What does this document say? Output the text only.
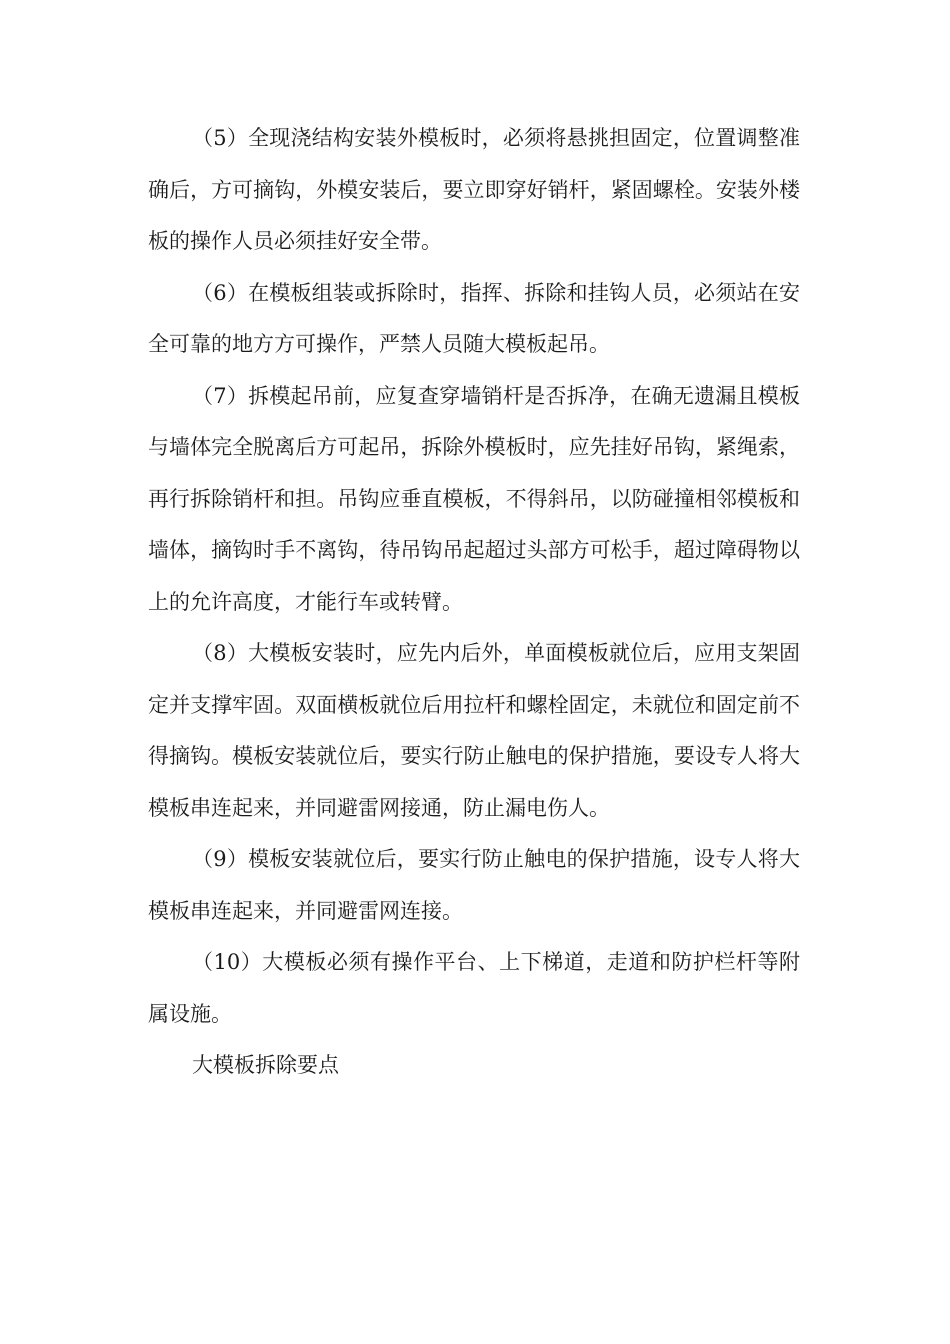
（5）全现浇结构安装外模板时，必须将悬挑担固定，位置调整准确后，方可摘钩，外模安装后，要立即穿好销杆，紧固螺栓。安装外楼板的操作人员必须挂好安全带。

（6）在模板组装或拆除时，指挥、拆除和挂钩人员，必须站在安全可靠的地方方可操作，严禁人员随大模板起吊。

（7）拆模起吊前，应复查穿墙销杆是否拆净，在确无遗漏且模板与墙体完全脱离后方可起吊，拆除外模板时，应先挂好吊钩，紧绳索，再行拆除销杆和担。吊钩应垂直模板，不得斜吊，以防碰撞相邻模板和墙体，摘钩时手不离钩，待吊钩吊起超过头部方可松手，超过障碍物以上的允许高度，才能行车或转臂。

（8）大模板安装时，应先内后外，单面模板就位后，应用支架固定并支撑牢固。双面横板就位后用拉杆和螺栓固定，未就位和固定前不得摘钩。模板安装就位后，要实行防止触电的保护措施，要设专人将大模板串连起来，并同避雷网接通，防止漏电伤人。

（9）模板安装就位后，要实行防止触电的保护措施，设专人将大模板串连起来，并同避雷网连接。

（10）大模板必须有操作平台、上下梯道，走道和防护栏杆等附属设施。

大模板拆除要点
